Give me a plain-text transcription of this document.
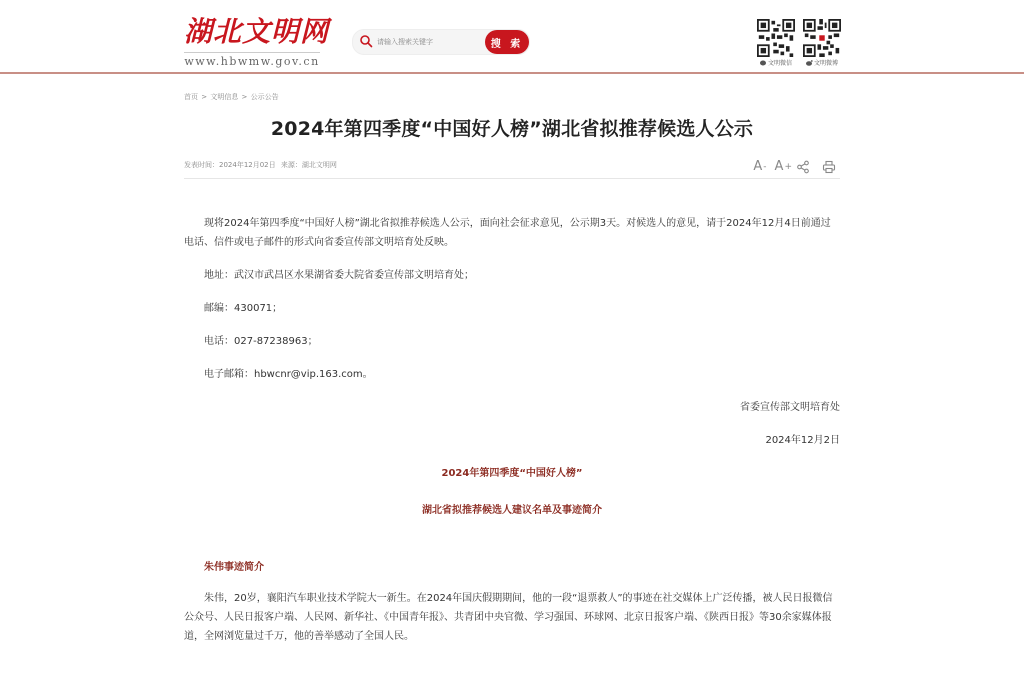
湖北文明网
www.hbwmw.gov.cn
请输入搜索关键字
搜 索
文明微信	文明微博
首页 > 文明信息 > 公示公告
2024年第四季度“中国好人榜”湖北省拟推荐候选人公示
发表时间：2024年12月02日 来源：湖北文明网	A - A +

现将2024年第四季度“中国好人榜”湖北省拟推荐候选人公示，面向社会征求意见，公示期3天。对候选人的意见，请于2024年12月4日前通过电话、信件或电子邮件的形式向省委宣传部文明培育处反映。

地址：武汉市武昌区水果湖省委大院省委宣传部文明培育处；

邮编：430071；

电话：027-87238963；

电子邮箱：hbwcnr@vip.163.com。

省委宣传部文明培育处

2024年12月2日

2024年第四季度“中国好人榜”

湖北省拟推荐候选人建议名单及事迹简介

朱伟事迹简介

朱伟，20岁，襄阳汽车职业技术学院大一新生。在2024年国庆假期期间，他的一段“退票救人”的事迹在社交媒体上广泛传播，被人民日报微信公众号、人民日报客户端、人民网、新华社、《中国青年报》、共青团中央官微、学习强国、环球网、北京日报客户端、《陕西日报》等30余家媒体报道，全网浏览量过千万，他的善举感动了全国人民。
